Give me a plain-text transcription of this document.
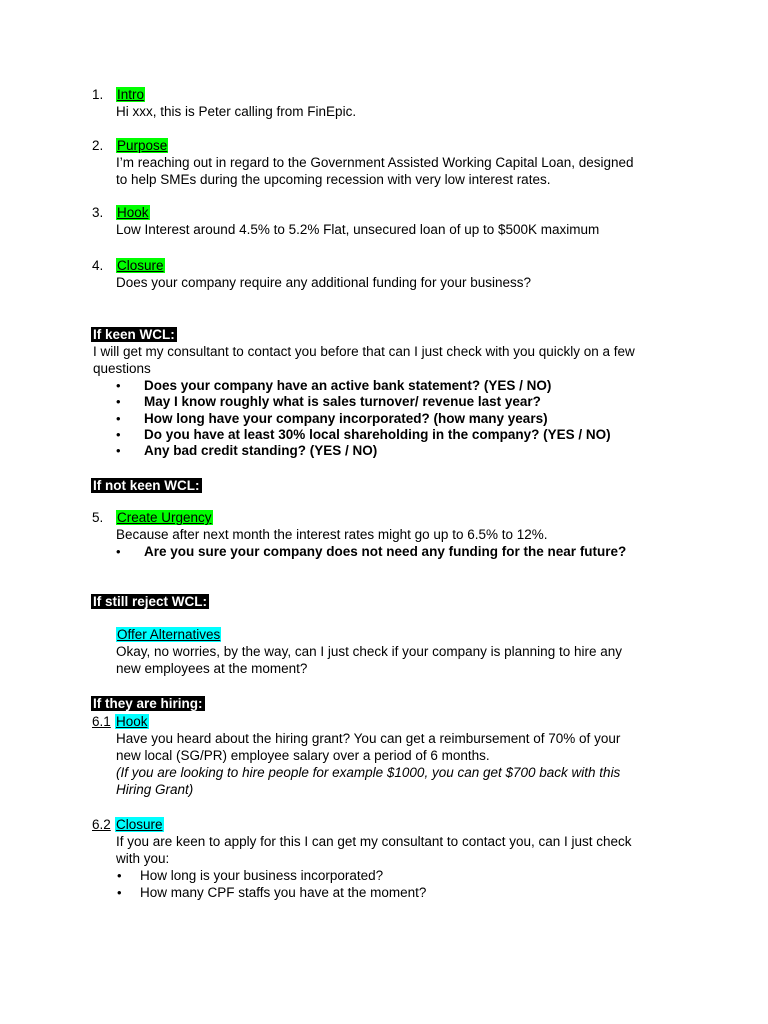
1. Intro
Hi xxx, this is Peter calling from FinEpic.
2. Purpose
I’m reaching out in regard to the Government Assisted Working Capital Loan, designed
to help SMEs during the upcoming recession with very low interest rates.
3. Hook
Low Interest around 4.5% to 5.2% Flat, unsecured loan of up to $500K maximum
4. Closure
Does your company require any additional funding for your business?
If keen WCL:
I will get my consultant to contact you before that can I just check with you quickly on a few
questions
• Does your company have an active bank statement? (YES / NO)
• May I know roughly what is sales turnover/ revenue last year?
• How long have your company incorporated? (how many years)
• Do you have at least 30% local shareholding in the company? (YES / NO)
• Any bad credit standing? (YES / NO)
If not keen WCL:
5. Create Urgency
Because after next month the interest rates might go up to 6.5% to 12%.
• Are you sure your company does not need any funding for the near future?
If still reject WCL:
Offer Alternatives
Okay, no worries, by the way, can I just check if your company is planning to hire any
new employees at the moment?
If they are hiring:
6.1 Hook
Have you heard about the hiring grant? You can get a reimbursement of 70% of your
new local (SG/PR) employee salary over a period of 6 months.
(If you are looking to hire people for example $1000, you can get $700 back with this
Hiring Grant)
6.2 Closure
If you are keen to apply for this I can get my consultant to contact you, can I just check
with you:
• How long is your business incorporated?
• How many CPF staffs you have at the moment?
